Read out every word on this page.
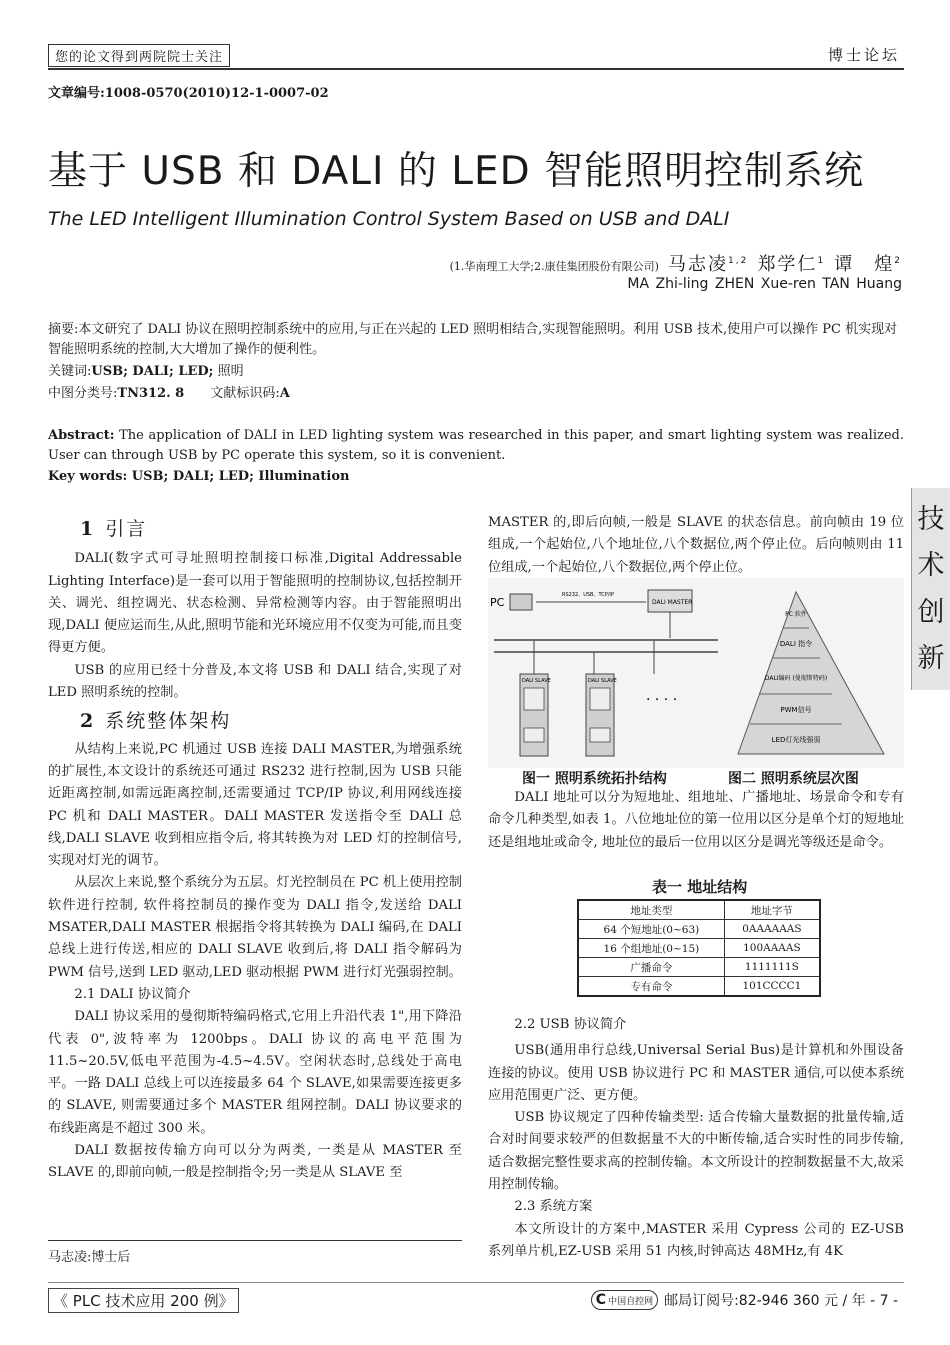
您的论文得到两院院士关注	博士论坛
文章编号:1008-0570(2010)12-1-0007-02
基于 USB 和 DALI 的 LED 智能照明控制系统
The LED Intelligent Illumination Control System Based on USB and DALI
(1.华南理工大学;2.康佳集团股份有限公司) 马志凌$^{1,2}$ 郑学仁$^1$ 谭　煌$^2$
MA Zhi-ling ZHEN Xue-ren TAN Huang
摘要:本文研究了 DALI 协议在照明控制系统中的应用,与正在兴起的 LED 照明相结合,实现智能照明。利用 USB 技术,使用户可以操作 PC 机实现对智能照明系统的控制,大大增加了操作的便利性。
关键词:USB; DALI; LED; 照明
中图分类号:TN312. 8 文献标识码:A
Abstract: The application of DALI in LED lighting system was researched in this paper, and smart lighting system was realized. User can through USB by PC operate this system, so it is convenient.
Key words: USB; DALI; LED; Illumination
技
术
创
新
1 引言

DALI(数字式可寻址照明控制接口标准,Digital Addressable Lighting Interface)是一套可以用于智能照明的控制协议,包括控制开关、调光、组控调光、状态检测、异常检测等内容。由于智能照明出现,DALI 便应运而生,从此,照明节能和光环境应用不仅变为可能,而且变得更方便。

USB 的应用已经十分普及,本文将 USB 和 DALI 结合,实现了对 LED 照明系统的控制。

2 系统整体架构

从结构上来说,PC 机通过 USB 连接 DALI MASTER,为增强系统的扩展性,本文设计的系统还可通过 RS232 进行控制,因为 USB 只能近距离控制,如需远距离控制,还需要通过 TCP/IP 协议,利用网线连接 PC 机和 DALI MASTER。DALI MASTER 发送指令至 DALI 总线,DALI SLAVE 收到相应指令后, 将其转换为对 LED 灯的控制信号,实现对灯光的调节。

从层次上来说,整个系统分为五层。灯光控制员在 PC 机上使用控制软件进行控制, 软件将控制员的操作变为 DALI 指令,发送给 DALI MSATER,DALI MASTER 根据指令将其转换为 DALI 编码,在 DALI 总线上进行传送,相应的 DALI SLAVE 收到后,将 DALI 指令解码为 PWM 信号,送到 LED 驱动,LED 驱动根据 PWM 进行灯光强弱控制。

2.1 DALI 协议简介

DALI 协议采用的曼彻斯特编码格式,它用上升沿代表 1",用下降沿代表 0",波特率为 1200bps。DALI 协议的高电平范围为 11.5~20.5V,低电平范围为-4.5~4.5V。空闲状态时,总线处于高电平。一路 DALI 总线上可以连接最多 64 个 SLAVE,如果需要连接更多的 SLAVE, 则需要通过多个 MASTER 组网控制。DALI 协议要求的布线距离是不超过 300 米。

DALI 数据按传输方向可以分为两类, 一类是从 MASTER 至 SLAVE 的,即前向帧,一般是控制指令;另一类是从 SLAVE 至

MASTER 的,即后向帧,一般是 SLAVE 的状态信息。前向帧由 19 位组成,一个起始位,八个地址位,八个数据位,两个停止位。后向帧则由 11 位组成,一个起始位,八个数据位,两个停止位。

PC
RS232、USB、TCP/IP
DALI MASTER
DALI SLAVE	DALI SLAVE
· · · ·
PC 软件
DALI 指令
DALI编码 (曼彻斯特码)
PWM信号
LED灯光线强弱
图一 照明系统拓扑结构	图二 照明系统层次图

DALI 地址可以分为短地址、组地址、广播地址、场景命令和专有命令几种类型,如表 1。八位地址位的第一位用以区分是单个灯的短地址还是组地址或命令, 地址位的最后一位用以区分是调光等级还是命令。

表一 地址结构
地址类型	地址字节
64 个短地址(0~63)	0AAAAAAS
16 个组地址(0~15)	100AAAAS
广播命令	1111111S
专有命令	101CCCC1
2.2 USB 协议简介

USB(通用串行总线,Universal Serial Bus)是计算机和外围设备连接的协议。使用 USB 协议进行 PC 和 MASTER 通信,可以使本系统应用范围更广泛、更方便。

USB 协议规定了四种传输类型: 适合传输大量数据的批量传输,适合对时间要求较严的但数据量不大的中断传输,适合实时性的同步传输,适合数据完整性要求高的控制传输。本文所设计的控制数据量不大,故采用控制传输。

2.3 系统方案

本文所设计的方案中,MASTER 采用 Cypress 公司的 EZ-USB 系列单片机,EZ-USB 采用 51 内核,时钟高达 48MHz,有 4K

马志凌:博士后
《 PLC 技术应用 200 例》	C 中国自控网 邮局订阅号:82-946 360 元 / 年 - 7 -
